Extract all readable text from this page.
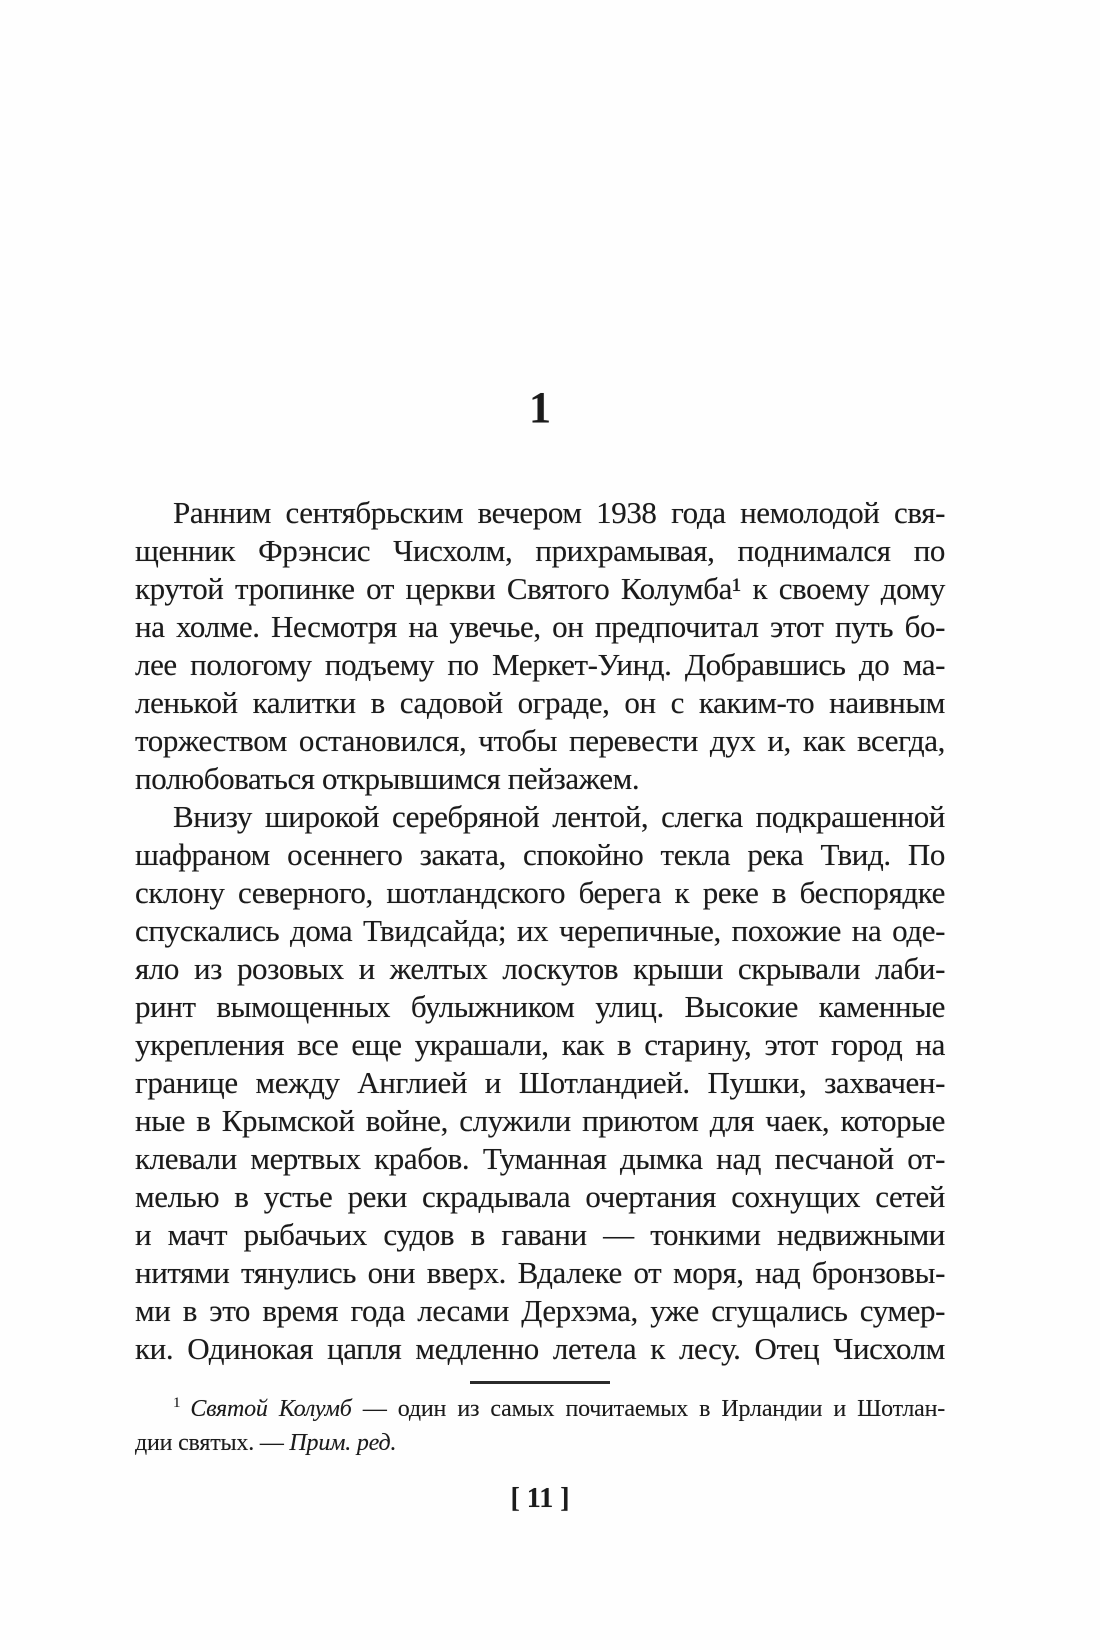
1
Ранним сентябрьским вечером 1938 года немолодой свя-
щенник Фрэнсис Чисхолм, прихрамывая, поднимался по
крутой тропинке от церкви Святого Колумба¹ к своему дому
на холме. Несмотря на увечье, он предпочитал этот путь бо-
лее пологому подъему по Меркет-Уинд. Добравшись до ма-
ленькой калитки в садовой ограде, он с каким-то наивным
торжеством остановился, чтобы перевести дух и, как всегда,
полюбоваться открывшимся пейзажем.
Внизу широкой серебряной лентой, слегка подкрашенной
шафраном осеннего заката, спокойно текла река Твид. По
склону северного, шотландского берега к реке в беспорядке
спускались дома Твидсайда; их черепичные, похожие на оде-
яло из розовых и желтых лоскутов крыши скрывали лаби-
ринт вымощенных булыжником улиц. Высокие каменные
укрепления все еще украшали, как в старину, этот город на
границе между Англией и Шотландией. Пушки, захвачен-
ные в Крымской войне, служили приютом для чаек, которые
клевали мертвых крабов. Туманная дымка над песчаной от-
мелью в устье реки скрадывала очертания сохнущих сетей
и мачт рыбачьих судов в гавани — тонкими недвижными
нитями тянулись они вверх. Вдалеке от моря, над бронзовы-
ми в это время года лесами Дерхэма, уже сгущались сумер-
ки. Одинокая цапля медленно летела к лесу. Отец Чисхолм
$^1$ Святой Колумб — один из самых почитаемых в Ирландии и Шотлан-
дии святых. — Прим. ред.
[ 11 ]
